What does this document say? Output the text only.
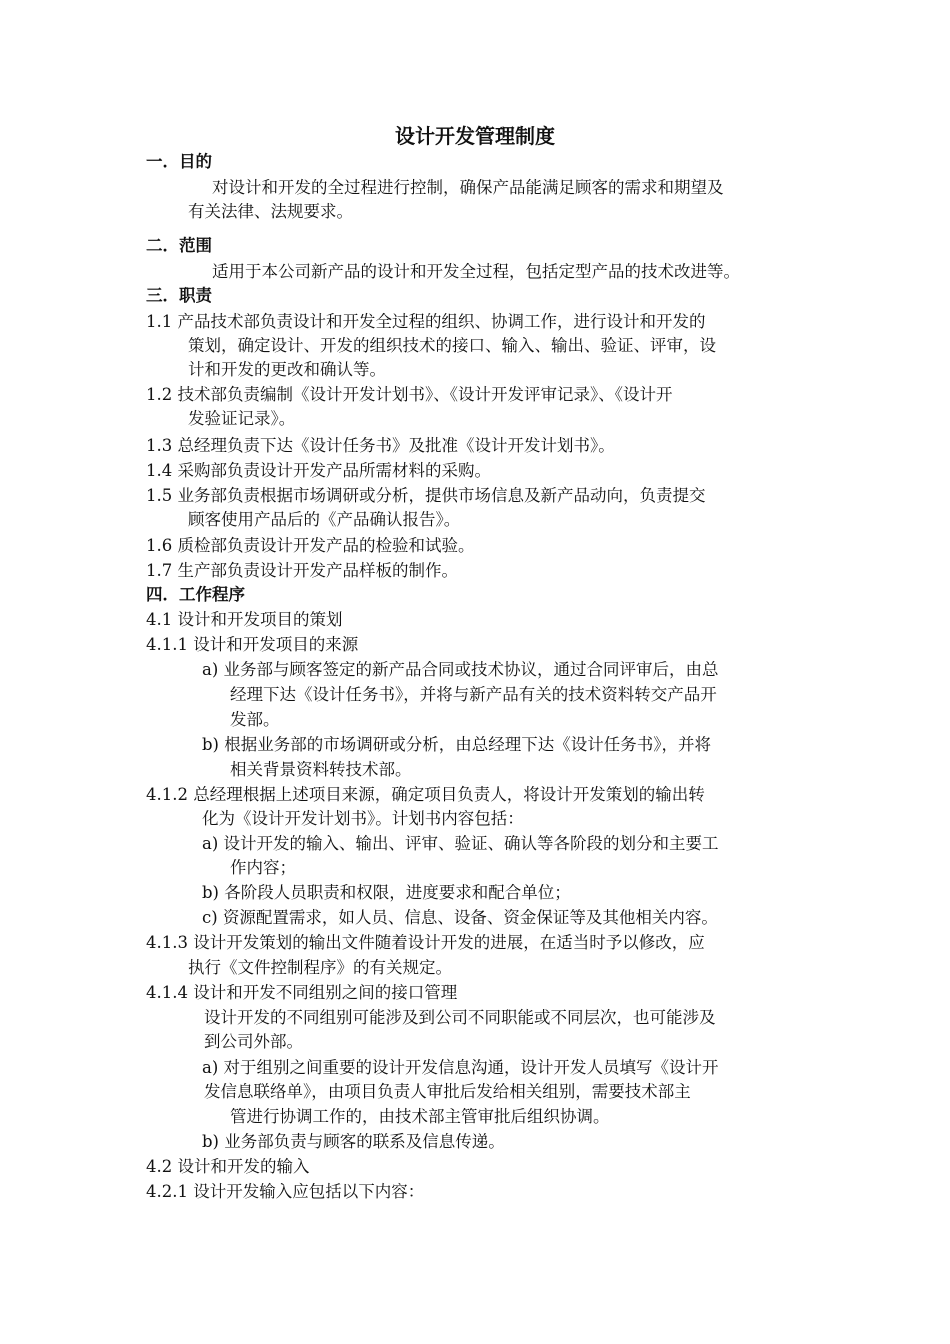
设计开发管理制度
一．目的
对设计和开发的全过程进行控制，确保产品能满足顾客的需求和期望及
有关法律、法规要求。
二．范围
适用于本公司新产品的设计和开发全过程，包括定型产品的技术改进等。
三．职责
1.1 产品技术部负责设计和开发全过程的组织、协调工作，进行设计和开发的
策划，确定设计、开发的组织技术的接口、输入、输出、验证、评审，设
计和开发的更改和确认等。
1.2 技术部负责编制《设计开发计划书》、《设计开发评审记录》、《设计开
发验证记录》。
1.3 总经理负责下达《设计任务书》及批准《设计开发计划书》。
1.4 采购部负责设计开发产品所需材料的采购。
1.5 业务部负责根据市场调研或分析，提供市场信息及新产品动向，负责提交
顾客使用产品后的《产品确认报告》。
1.6 质检部负责设计开发产品的检验和试验。
1.7 生产部负责设计开发产品样板的制作。
四．工作程序
4.1 设计和开发项目的策划
4.1.1 设计和开发项目的来源
a) 业务部与顾客签定的新产品合同或技术协议，通过合同评审后，由总
经理下达《设计任务书》，并将与新产品有关的技术资料转交产品开
发部。
b) 根据业务部的市场调研或分析，由总经理下达《设计任务书》，并将
相关背景资料转技术部。
4.1.2 总经理根据上述项目来源，确定项目负责人，将设计开发策划的输出转
化为《设计开发计划书》。计划书内容包括：
a) 设计开发的输入、输出、评审、验证、确认等各阶段的划分和主要工
作内容；
b) 各阶段人员职责和权限，进度要求和配合单位；
c) 资源配置需求，如人员、信息、设备、资金保证等及其他相关内容。
4.1.3 设计开发策划的输出文件随着设计开发的进展，在适当时予以修改，应
执行《文件控制程序》的有关规定。
4.1.4 设计和开发不同组别之间的接口管理
设计开发的不同组别可能涉及到公司不同职能或不同层次，也可能涉及
到公司外部。
a) 对于组别之间重要的设计开发信息沟通，设计开发人员填写《设计开
发信息联络单》，由项目负责人审批后发给相关组别，需要技术部主
管进行协调工作的，由技术部主管审批后组织协调。
b) 业务部负责与顾客的联系及信息传递。
4.2 设计和开发的输入
4.2.1 设计开发输入应包括以下内容：
